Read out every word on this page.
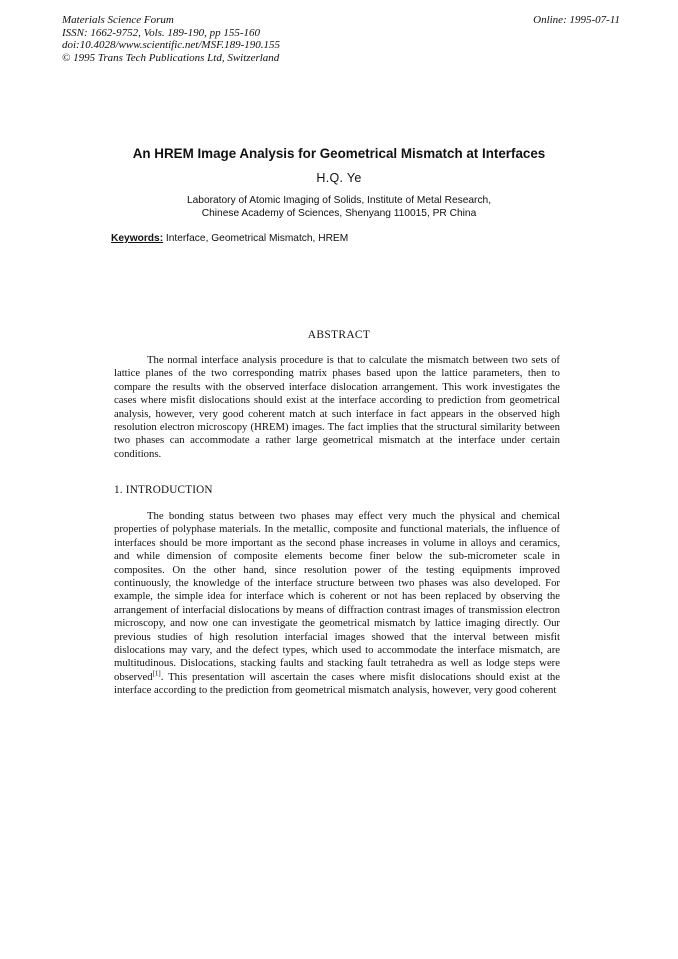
Materials Science Forum
ISSN: 1662-9752, Vols. 189-190, pp 155-160
doi:10.4028/www.scientific.net/MSF.189-190.155
© 1995 Trans Tech Publications Ltd, Switzerland
Online: 1995-07-11
An HREM Image Analysis for Geometrical Mismatch at Interfaces
H.Q. Ye
Laboratory of Atomic Imaging of Solids, Institute of Metal Research,
Chinese Academy of Sciences, Shenyang 110015, PR China
Keywords: Interface, Geometrical Mismatch, HREM
ABSTRACT

The normal interface analysis procedure is that to calculate the mismatch between two sets of lattice planes of the two corresponding matrix phases based upon the lattice parameters, then to compare the results with the observed interface dislocation arrangement. This work investigates the cases where misfit dislocations should exist at the interface according to prediction from geometrical analysis, however, very good coherent match at such interface in fact appears in the observed high resolution electron microscopy (HREM) images. The fact implies that the structural similarity between two phases can accommodate a rather large geometrical mismatch at the interface under certain conditions.

1. INTRODUCTION

The bonding status between two phases may effect very much the physical and chemical properties of polyphase materials. In the metallic, composite and functional materials, the influence of interfaces should be more important as the second phase increases in volume in alloys and ceramics, and while dimension of composite elements become finer below the sub-micrometer scale in composites. On the other hand, since resolution power of the testing equipments improved continuously, the knowledge of the interface structure between two phases was also developed. For example, the simple idea for interface which is coherent or not has been replaced by observing the arrangement of interfacial dislocations by means of diffraction contrast images of transmission electron microscopy, and now one can investigate the geometrical mismatch by lattice imaging directly. Our previous studies of high resolution interfacial images showed that the interval between misfit dislocations may vary, and the defect types, which used to accommodate the interface mismatch, are multitudinous. Dislocations, stacking faults and stacking fault tetrahedra as well as lodge steps were observed[1]. This presentation will ascertain the cases where misfit dislocations should exist at the interface according to the prediction from geometrical mismatch analysis, however, very good coherent
